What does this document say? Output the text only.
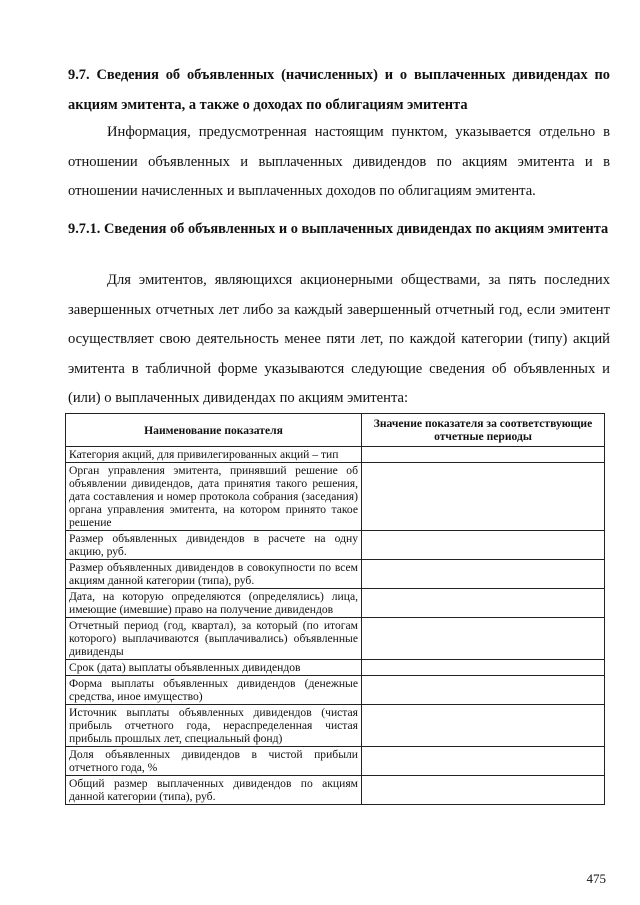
9.7. Сведения об объявленных (начисленных) и о выплаченных дивидендах по акциям эмитента, а также о доходах по облигациям эмитента

Информация, предусмотренная настоящим пунктом, указывается отдельно в отношении объявленных и выплаченных дивидендов по акциям эмитента и в отношении начисленных и выплаченных доходов по облигациям эмитента.

9.7.1. Сведения об объявленных и о выплаченных дивидендах по акциям эмитента

Для эмитентов, являющихся акционерными обществами, за пять последних завершенных отчетных лет либо за каждый завершенный отчетный год, если эмитент осуществляет свою деятельность менее пяти лет, по каждой категории (типу) акций эмитента в табличной форме указываются следующие сведения об объявленных и (или) о выплаченных дивидендах по акциям эмитента:

Наименование показателя	Значение показателя за соответствующие отчетные периоды
Категория акций, для привилегированных акций – тип	
Орган управления эмитента, принявший решение об объявлении дивидендов, дата принятия такого решения, дата составления и номер протокола собрания (заседания) органа управления эмитента, на котором принято такое решение	
Размер объявленных дивидендов в расчете на одну акцию, руб.	
Размер объявленных дивидендов в совокупности по всем акциям данной категории (типа), руб.	
Дата, на которую определяются (определялись) лица, имеющие (имевшие) право на получение дивидендов	
Отчетный период (год, квартал), за который (по итогам которого) выплачиваются (выплачивались) объявленные дивиденды	
Срок (дата) выплаты объявленных дивидендов	
Форма выплаты объявленных дивидендов (денежные средства, иное имущество)	
Источник выплаты объявленных дивидендов (чистая прибыль отчетного года, нераспределенная чистая прибыль прошлых лет, специальный фонд)	
Доля объявленных дивидендов в чистой прибыли отчетного года, %	
Общий размер выплаченных дивидендов по акциям данной категории (типа), руб.	
475
